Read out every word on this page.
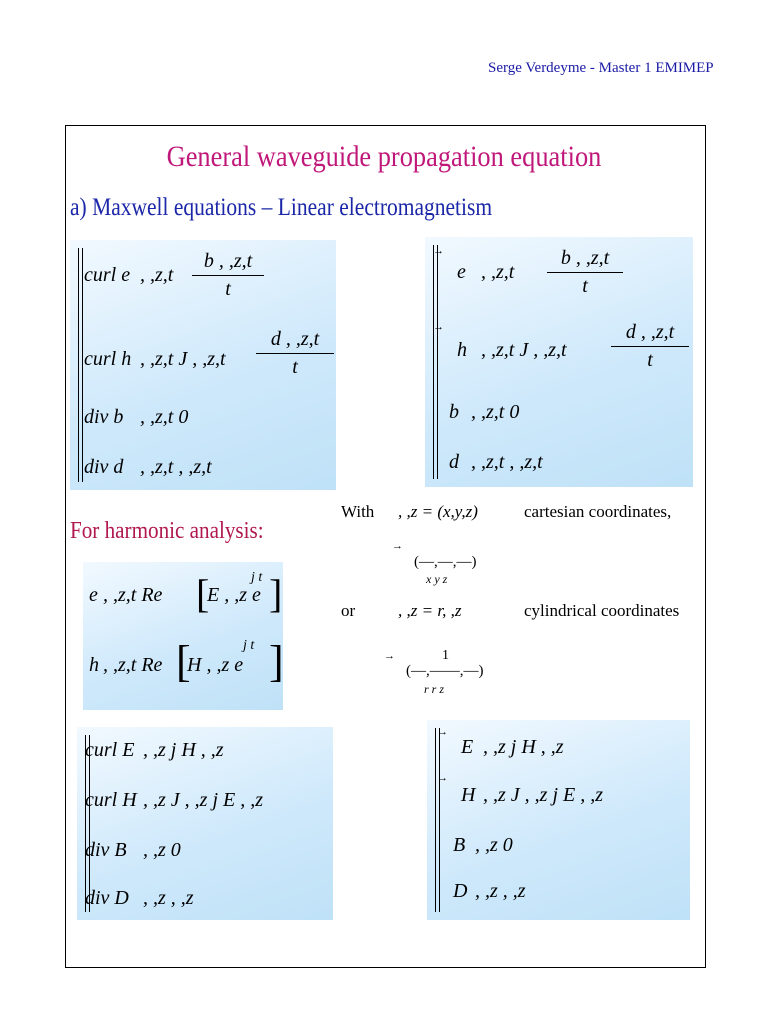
Serge Verdeyme - Master 1 EMIMEP
General waveguide propagation equation
a) Maxwell equations – Linear electromagnetism
curl e , ,z,t
b , ,z,t
t
curl h , ,z,t J , ,z,t
d , ,z,t
t
div b , ,z,t 0
div d , ,z,t , ,z,t
→
e , ,z,t
b , ,z,t
t
→
h , ,z,t J , ,z,t
d , ,z,t
t
b , ,z,t 0
d , ,z,t , ,z,t
With , ,z = (x,y,z)	cartesian coordinates,
→
(—,—,—)
x y z
or	, ,z = r, ,z	cylindrical coordinates
1
→
(—,——,—)
r r z
For harmonic analysis:
e , ,z,t Re [
E , ,z e
j t ]
h , ,z,t Re [
H , ,z e
j t ]
curl E , ,z j H , ,z
curl H , ,z J , ,z j E , ,z
div B , ,z 0
div D , ,z , ,z
→
E , ,z j H , ,z
→
H , ,z J , ,z j E , ,z
B , ,z 0
D , ,z , ,z
